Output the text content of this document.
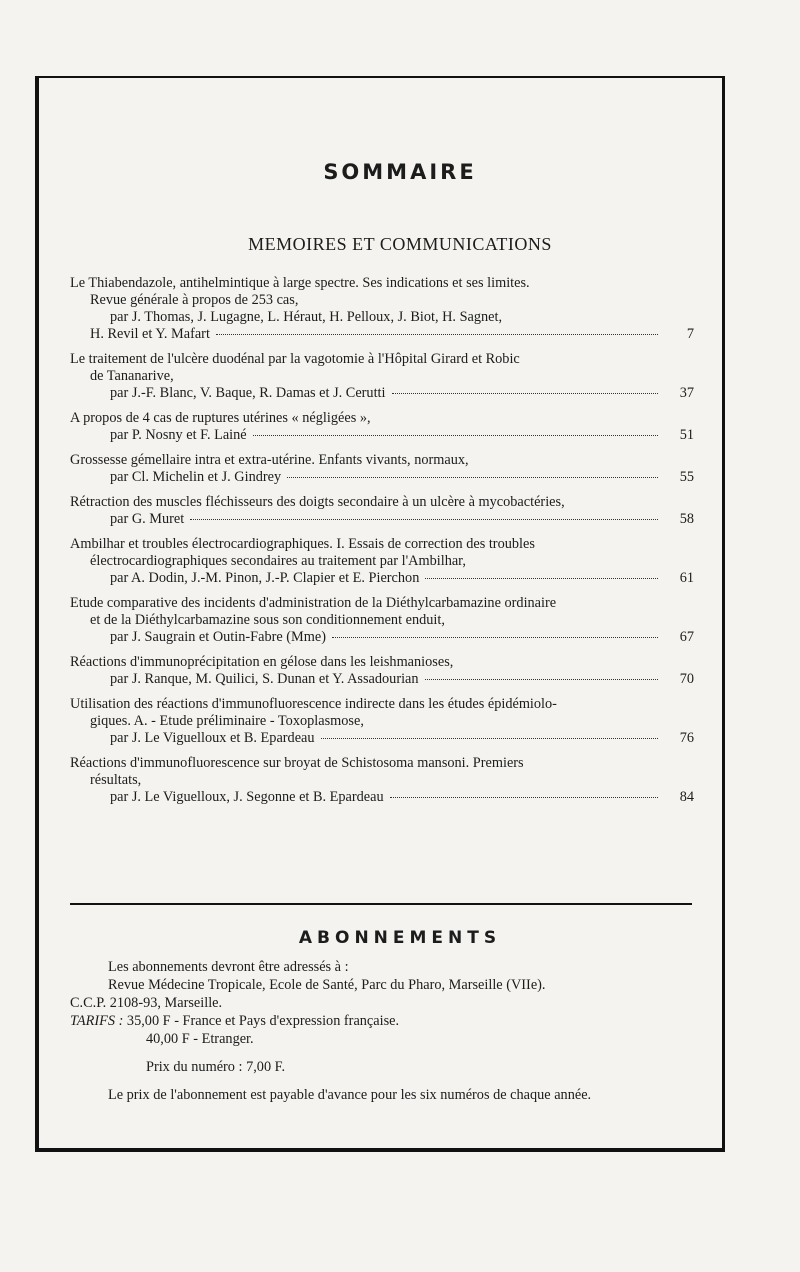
SOMMAIRE
MEMOIRES ET COMMUNICATIONS

Le Thiabendazole, antihelmintique à large spectre. Ses indications et ses limites.

Revue générale à propos de 253 cas,

par J. Thomas, J. Lugagne, L. Héraut, H. Pelloux, J. Biot, H. Sagnet,

H. Revil et Y. Mafart	7

Le traitement de l'ulcère duodénal par la vagotomie à l'Hôpital Girard et Robic

de Tananarive,

par J.-F. Blanc, V. Baque, R. Damas et J. Cerutti	37

A propos de 4 cas de ruptures utérines « négligées »,

par P. Nosny et F. Lainé	51

Grossesse gémellaire intra et extra-utérine. Enfants vivants, normaux,

par Cl. Michelin et J. Gindrey	55

Rétraction des muscles fléchisseurs des doigts secondaire à un ulcère à mycobactéries,

par G. Muret	58

Ambilhar et troubles électrocardiographiques. I. Essais de correction des troubles

électrocardiographiques secondaires au traitement par l'Ambilhar,

par A. Dodin, J.-M. Pinon, J.-P. Clapier et E. Pierchon	61

Etude comparative des incidents d'administration de la Diéthylcarbamazine ordinaire

et de la Diéthylcarbamazine sous son conditionnement enduit,

par J. Saugrain et Outin-Fabre (Mme)	67

Réactions d'immunoprécipitation en gélose dans les leishmanioses,

par J. Ranque, M. Quilici, S. Dunan et Y. Assadourian	70

Utilisation des réactions d'immunofluorescence indirecte dans les études épidémiolo-

giques. A. - Etude préliminaire - Toxoplasmose,

par J. Le Viguelloux et B. Epardeau	76

Réactions d'immunofluorescence sur broyat de Schistosoma mansoni. Premiers

résultats,

par J. Le Viguelloux, J. Segonne et B. Epardeau	84
ABONNEMENTS

Les abonnements devront être adressés à :

Revue Médecine Tropicale, Ecole de Santé, Parc du Pharo, Marseille (VIIe).

C.C.P. 2108-93, Marseille.

TARIFS : 35,00 F - France et Pays d'expression française.

40,00 F - Etranger.

Prix du numéro : 7,00 F.

Le prix de l'abonnement est payable d'avance pour les six numéros de chaque année.
